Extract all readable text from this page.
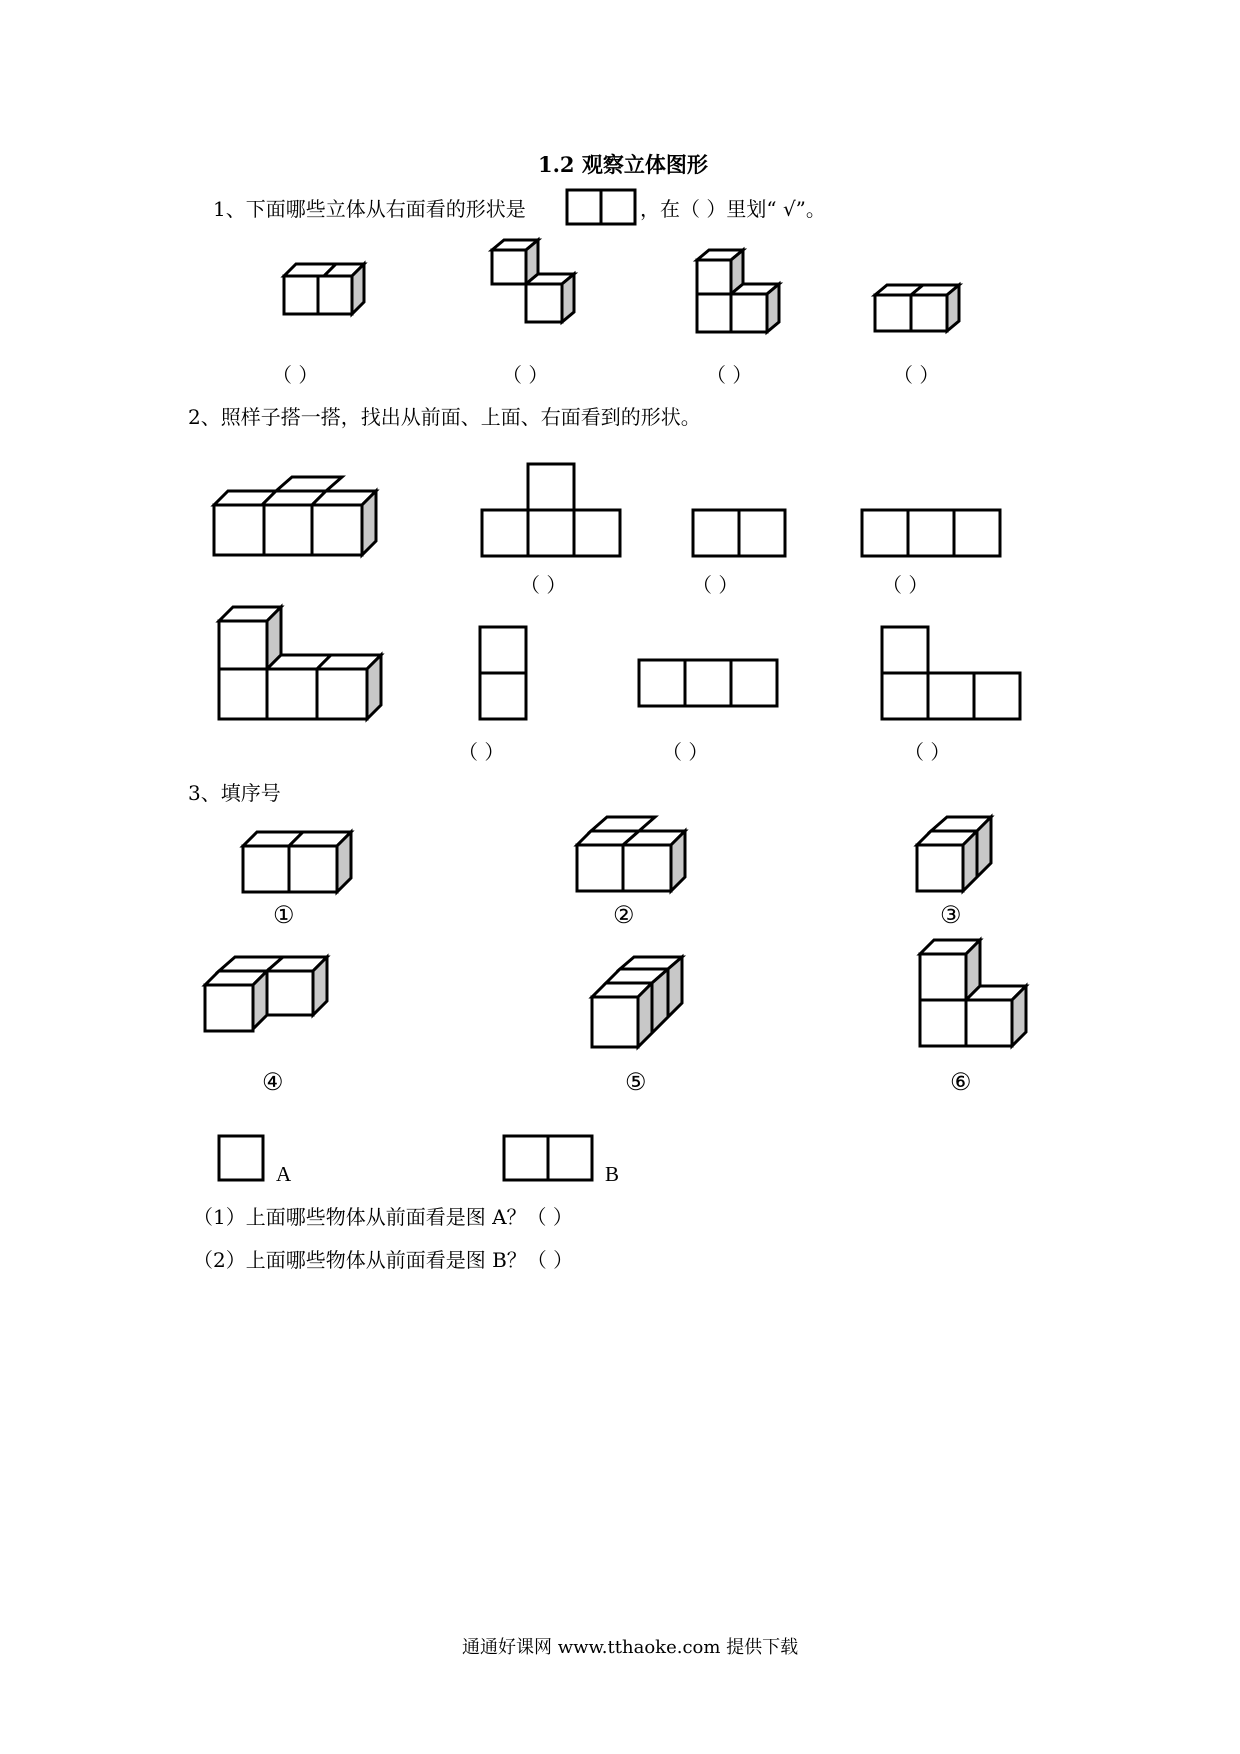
1.2 观察立体图形
1、下面哪些立体从右面看的形状是	，在（ ）里划“ √”。
（ ）	（ ）	（ ）	（ ）
2、照样子搭一搭，找出从前面、上面、右面看到的形状。
（ ）	（ ）	（ ）
（ ）	（ ）	（ ）
3、填序号
①	②	③
④	⑤	⑥
A	B
（1）上面哪些物体从前面看是图 A？（ ）
（2）上面哪些物体从前面看是图 B？（ ）
通通好课网 www.tthaoke.com 提供下载
